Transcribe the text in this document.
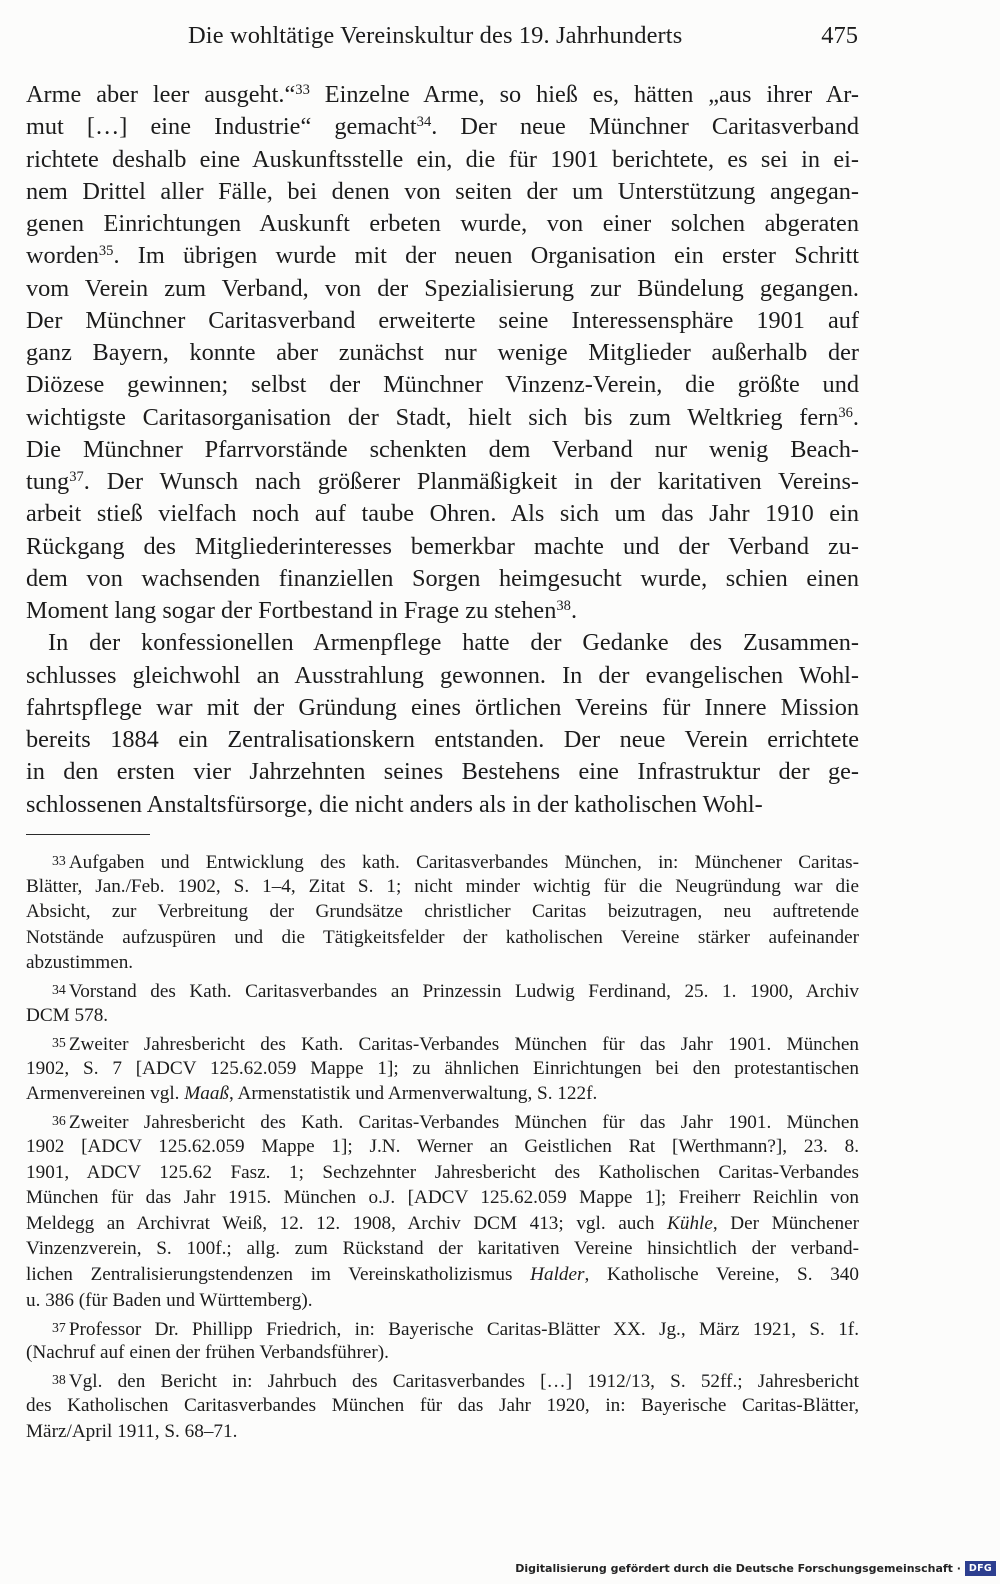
Die wohltätige Vereinskultur des 19. Jahrhunderts	475
Arme aber leer ausgeht.“$^{33}$ Einzelne Arme, so hieß es, hätten „aus ihrer Ar-
mut […] eine Industrie“ gemacht$^{34}$. Der neue Münchner Caritasverband
richtete deshalb eine Auskunftsstelle ein, die für 1901 berichtete, es sei in ei-
nem Drittel aller Fälle, bei denen von seiten der um Unterstützung angegan-
genen Einrichtungen Auskunft erbeten wurde, von einer solchen abgeraten
worden$^{35}$. Im übrigen wurde mit der neuen Organisation ein erster Schritt
vom Verein zum Verband, von der Spezialisierung zur Bündelung gegangen.
Der Münchner Caritasverband erweiterte seine Interessensphäre 1901 auf
ganz Bayern, konnte aber zunächst nur wenige Mitglieder außerhalb der
Diözese gewinnen; selbst der Münchner Vinzenz-Verein, die größte und
wichtigste Caritasorganisation der Stadt, hielt sich bis zum Weltkrieg fern$^{36}$.
Die Münchner Pfarrvorstände schenkten dem Verband nur wenig Beach-
tung$^{37}$. Der Wunsch nach größerer Planmäßigkeit in der karitativen Vereins-
arbeit stieß vielfach noch auf taube Ohren. Als sich um das Jahr 1910 ein
Rückgang des Mitgliederinteresses bemerkbar machte und der Verband zu-
dem von wachsenden finanziellen Sorgen heimgesucht wurde, schien einen
Moment lang sogar der Fortbestand in Frage zu stehen$^{38}$.
In der konfessionellen Armenpflege hatte der Gedanke des Zusammen-
schlusses gleichwohl an Ausstrahlung gewonnen. In der evangelischen Wohl-
fahrtspflege war mit der Gründung eines örtlichen Vereins für Innere Mission
bereits 1884 ein Zentralisationskern entstanden. Der neue Verein errichtete
in den ersten vier Jahrzehnten seines Bestehens eine Infrastruktur der ge-
schlossenen Anstaltsfürsorge, die nicht anders als in der katholischen Wohl-
33 Aufgaben und Entwicklung des kath. Caritasverbandes München, in: Münchener Caritas-
Blätter, Jan./Feb. 1902, S. 1–4, Zitat S. 1; nicht minder wichtig für die Neugründung war die
Absicht, zur Verbreitung der Grundsätze christlicher Caritas beizutragen, neu auftretende
Notstände aufzuspüren und die Tätigkeitsfelder der katholischen Vereine stärker aufeinander
abzustimmen.
34 Vorstand des Kath. Caritasverbandes an Prinzessin Ludwig Ferdinand, 25. 1. 1900, Archiv
DCM 578.
35 Zweiter Jahresbericht des Kath. Caritas-Verbandes München für das Jahr 1901. München
1902, S. 7 [ADCV 125.62.059 Mappe 1]; zu ähnlichen Einrichtungen bei den protestantischen
Armenvereinen vgl. Maaß, Armenstatistik und Armenverwaltung, S. 122f.
36 Zweiter Jahresbericht des Kath. Caritas-Verbandes München für das Jahr 1901. München
1902 [ADCV 125.62.059 Mappe 1]; J.N. Werner an Geistlichen Rat [Werthmann?], 23. 8.
1901, ADCV 125.62 Fasz. 1; Sechzehnter Jahresbericht des Katholischen Caritas-Verbandes
München für das Jahr 1915. München o.J. [ADCV 125.62.059 Mappe 1]; Freiherr Reichlin von
Meldegg an Archivrat Weiß, 12. 12. 1908, Archiv DCM 413; vgl. auch Kühle, Der Münchener
Vinzenzverein, S. 100f.; allg. zum Rückstand der karitativen Vereine hinsichtlich der verband-
lichen Zentralisierungstendenzen im Vereinskatholizismus Halder, Katholische Vereine, S. 340
u. 386 (für Baden und Württemberg).
37 Professor Dr. Phillipp Friedrich, in: Bayerische Caritas-Blätter XX. Jg., März 1921, S. 1f.
(Nachruf auf einen der frühen Verbandsführer).
38 Vgl. den Bericht in: Jahrbuch des Caritasverbandes […] 1912/13, S. 52ff.; Jahresbericht
des Katholischen Caritasverbandes München für das Jahr 1920, in: Bayerische Caritas-Blätter,
März/April 1911, S. 68–71.
Digitalisierung gefördert durch die Deutsche Forschungsgemeinschaft · DFG
